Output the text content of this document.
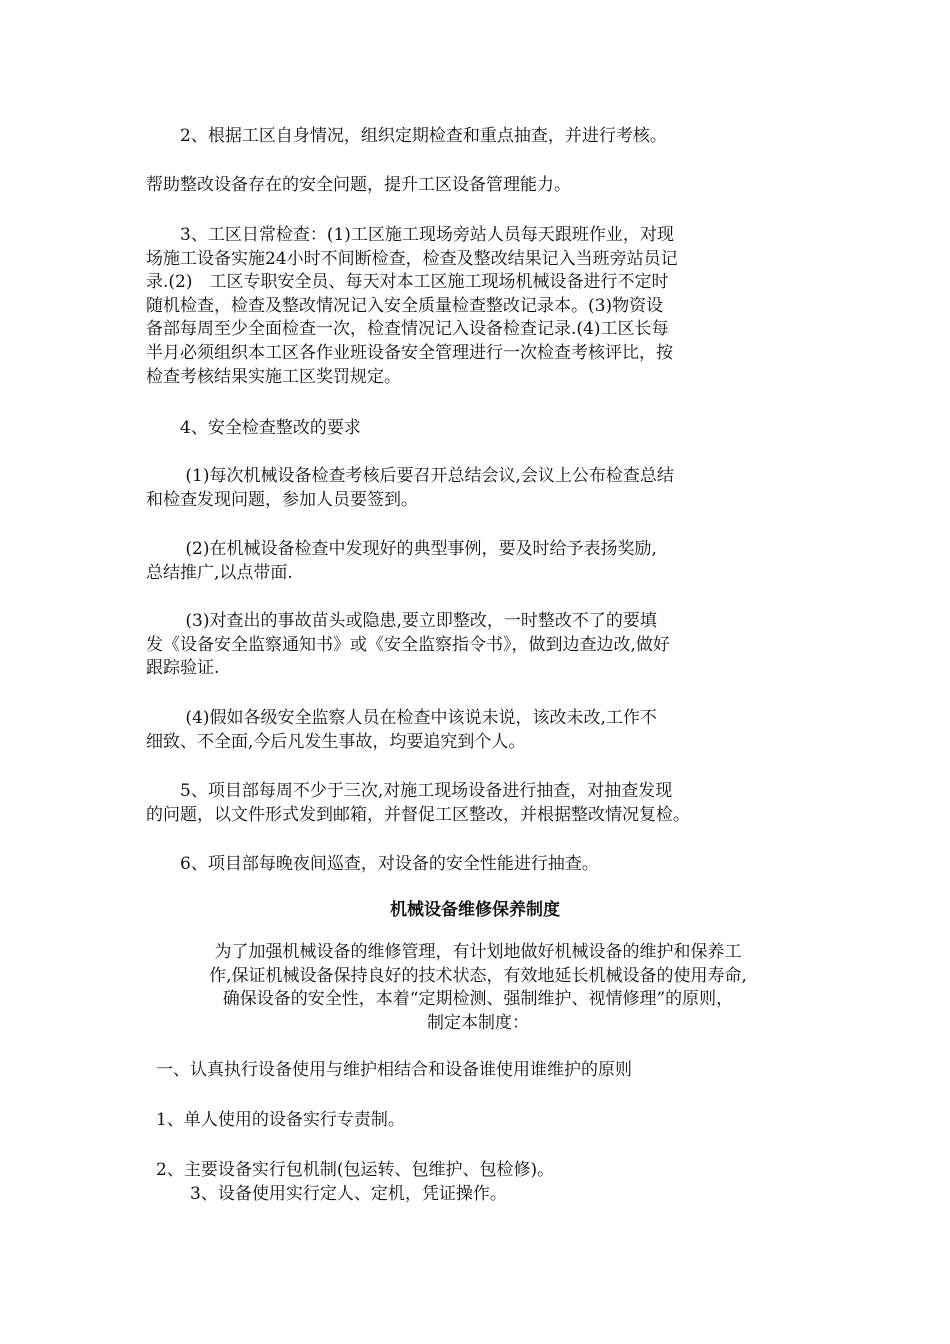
　　2、根据工区自身情况，组织定期检查和重点抽查，并进行考核。
帮助整改设备存在的安全问题，提升工区设备管理能力。
　　3、工区日常检查：(1)工区施工现场旁站人员每天跟班作业，对现
场施工设备实施24小时不间断检查，检查及整改结果记入当班旁站员记
录.(2)　工区专职安全员、每天对本工区施工现场机械设备进行不定时
随机检查，检查及整改情况记入安全质量检查整改记录本。(3)物资设
备部每周至少全面检查一次，检查情况记入设备检查记录.(4)工区长每
半月必须组织本工区各作业班设备安全管理进行一次检查考核评比，按
检查考核结果实施工区奖罚规定。
　　4、安全检查整改的要求
　　 (1)每次机械设备检查考核后要召开总结会议,会议上公布检查总结
和检查发现问题，参加人员要签到。
　　 (2)在机械设备检查中发现好的典型事例，要及时给予表扬奖励,
总结推广,以点带面.
　　 (3)对查出的事故苗头或隐患,要立即整改，一时整改不了的要填
发《设备安全监察通知书》或《安全监察指令书》，做到边查边改,做好
跟踪验证.
　　 (4)假如各级安全监察人员在检查中该说未说，该改未改,工作不
细致、不全面,今后凡发生事故，均要追究到个人。
　　5、项目部每周不少于三次,对施工现场设备进行抽查，对抽查发现
的问题，以文件形式发到邮箱，并督促工区整改，并根据整改情况复检。
　　6、项目部每晚夜间巡查，对设备的安全性能进行抽查。
机械设备维修保养制度
为了加强机械设备的维修管理，有计划地做好机械设备的维护和保养工
作,保证机械设备保持良好的技术状态，有效地延长机械设备的使用寿命,
确保设备的安全性，本着“定期检测、强制维护、视情修理”的原则，
制定本制度：
一、认真执行设备使用与维护相结合和设备谁使用谁维护的原则
1、单人使用的设备实行专责制。
2、主要设备实行包机制(包运转、包维护、包检修)。
　　3、设备使用实行定人、定机，凭证操作。
